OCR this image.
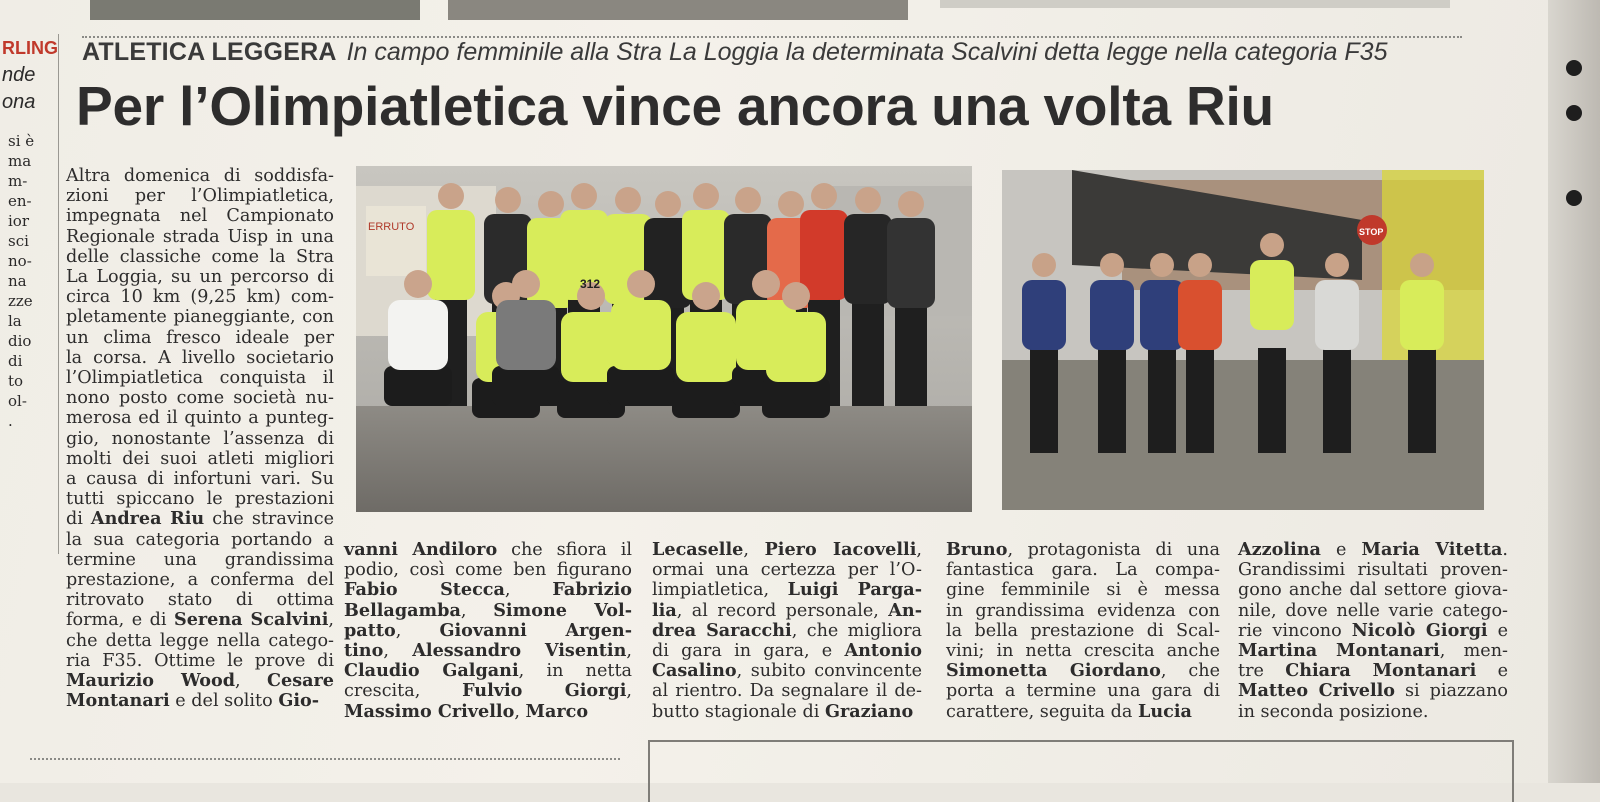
RLING
nde
ona
si è
ma
m-
en-
ior
sci
no-
na
zze
la
dio
di
to
ol-
.
ATLETICA LEGGERA In campo femminile alla Stra La Loggia la determinata Scalvini detta legge nella categoria F35
Per l’Olimpiatletica vince ancora una volta Riu
ERRUTO
312
STOP
Altra domenica di soddisfa-
zioni per l’Olimpiatletica,
impegnata nel Campionato
Regionale strada Uisp in una
delle classiche come la Stra
La Loggia, su un percorso di
circa 10 km (9,25 km) com-
pletamente pianeggiante, con
un clima fresco ideale per
la corsa. A livello societario
l’Olimpiatletica conquista il
nono posto come società nu-
merosa ed il quinto a punteg-
gio, nonostante l’assenza di
molti dei suoi atleti migliori
a causa di infortuni vari. Su
tutti spiccano le prestazioni
di Andrea Riu che stravince
la sua categoria portando a
termine una grandissima
prestazione, a conferma del
ritrovato stato di ottima
forma, e di Serena Scalvini,
che detta legge nella catego-
ria F35. Ottime le prove di
Maurizio Wood, Cesare
Montanari e del solito Gio-
vanni Andiloro che sfiora il
podio, così come ben figurano
Fabio Stecca, Fabrizio
Bellagamba, Simone Vol-
patto, Giovanni Argen-
tino, Alessandro Visentin,
Claudio Galgani, in netta
crescita, Fulvio Giorgi,
Massimo Crivello, Marco
Lecaselle, Piero Iacovelli,
ormai una certezza per l’O-
limpiatletica, Luigi Parga-
lia, al record personale, An-
drea Saracchi, che migliora
di gara in gara, e Antonio
Casalino, subito convincente
al rientro. Da segnalare il de-
butto stagionale di Graziano
Bruno, protagonista di una
fantastica gara. La compa-
gine femminile si è messa
in grandissima evidenza con
la bella prestazione di Scal-
vini; in netta crescita anche
Simonetta Giordano, che
porta a termine una gara di
carattere, seguita da Lucia
Azzolina e Maria Vitetta.
Grandissimi risultati proven-
gono anche dal settore giova-
nile, dove nelle varie catego-
rie vincono Nicolò Giorgi e
Martina Montanari, men-
tre Chiara Montanari e
Matteo Crivello si piazzano
in seconda posizione.
